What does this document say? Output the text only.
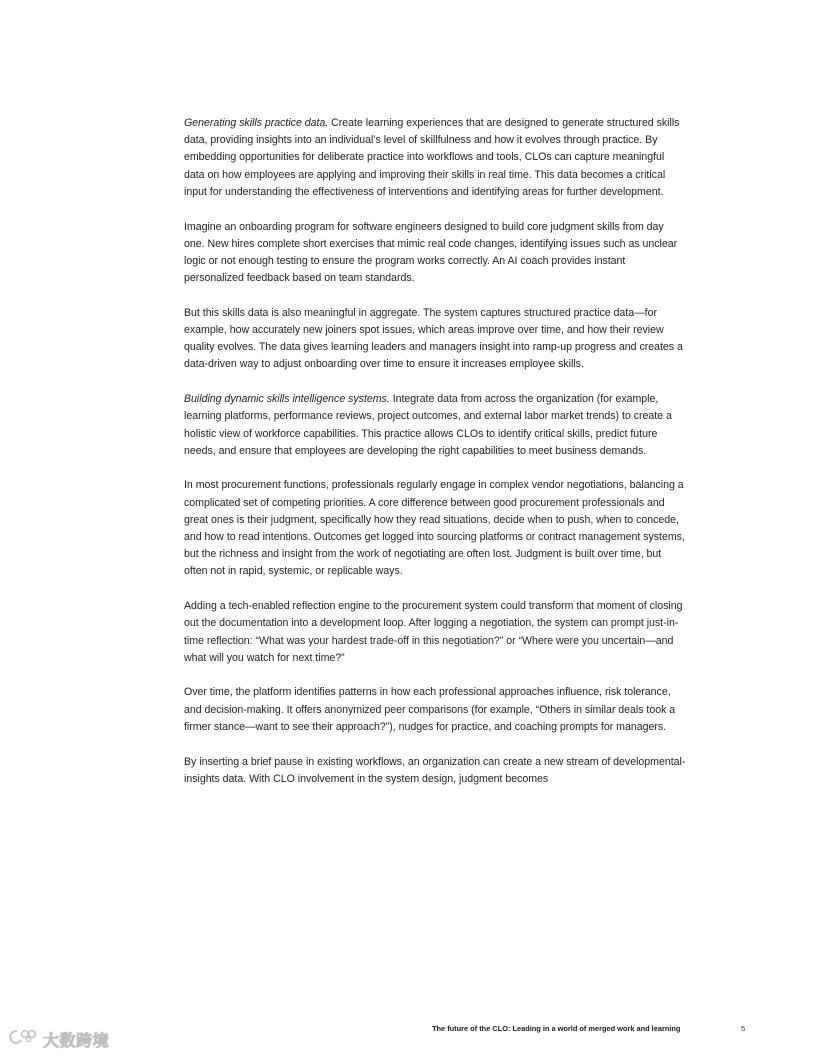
Generating skills practice data. Create learning experiences that are designed to generate structured skills data, providing insights into an individual’s level of skillfulness and how it evolves through practice. By embedding opportunities for deliberate practice into workflows and tools, CLOs can capture meaningful data on how employees are applying and improving their skills in real time. This data becomes a critical input for understanding the effectiveness of interventions and identifying areas for further development.

Imagine an onboarding program for software engineers designed to build core judgment skills from day one. New hires complete short exercises that mimic real code changes, identifying issues such as unclear logic or not enough testing to ensure the program works correctly. An AI coach provides instant personalized feedback based on team standards.

But this skills data is also meaningful in aggregate. The system captures structured practice data—for example, how accurately new joiners spot issues, which areas improve over time, and how their review quality evolves. The data gives learning leaders and managers insight into ramp-up progress and creates a data-driven way to adjust onboarding over time to ensure it increases employee skills.

Building dynamic skills intelligence systems. Integrate data from across the organization (for example, learning platforms, performance reviews, project outcomes, and external labor market trends) to create a holistic view of workforce capabilities. This practice allows CLOs to identify critical skills, predict future needs, and ensure that employees are developing the right capabilities to meet business demands.

In most procurement functions, professionals regularly engage in complex vendor negotiations, balancing a complicated set of competing priorities. A core difference between good procurement professionals and great ones is their judgment, specifically how they read situations, decide when to push, when to concede, and how to read intentions. Outcomes get logged into sourcing platforms or contract management systems, but the richness and insight from the work of negotiating are often lost. Judgment is built over time, but often not in rapid, systemic, or replicable ways.

Adding a tech-enabled reflection engine to the procurement system could transform that moment of closing out the documentation into a development loop. After logging a negotiation, the system can prompt just-in-time reflection: “What was your hardest trade-off in this negotiation?” or “Where were you uncertain—and what will you watch for next time?”

Over time, the platform identifies patterns in how each professional approaches influence, risk tolerance, and decision-making. It offers anonymized peer comparisons (for example, “Others in similar deals took a firmer stance—want to see their approach?”), nudges for practice, and coaching prompts for managers.

By inserting a brief pause in existing workflows, an organization can create a new stream of developmental-insights data. With CLO involvement in the system design, judgment becomes

The future of the CLO: Leading in a world of merged work and learning	5
大数跨境
